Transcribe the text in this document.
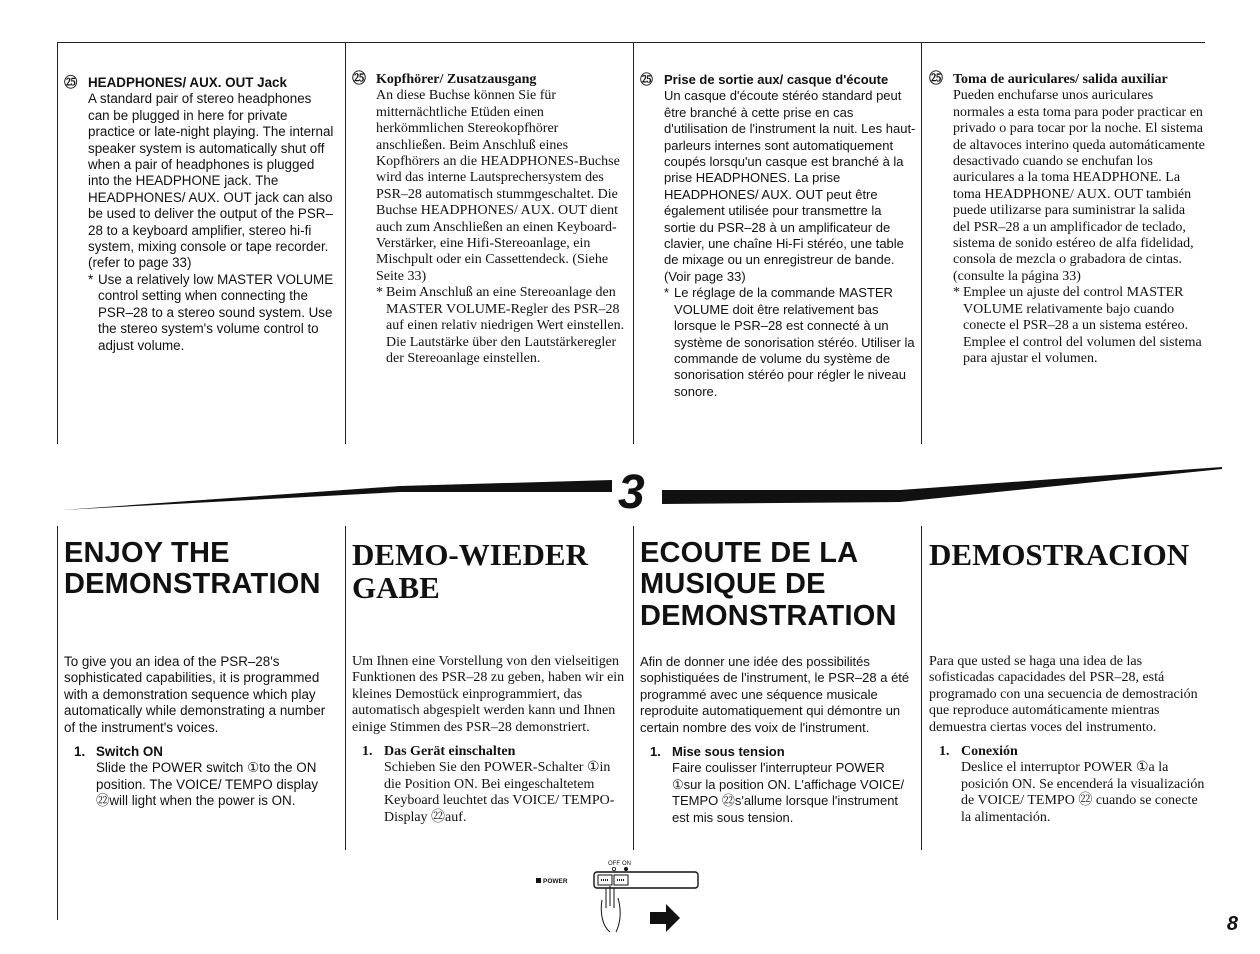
㉕ HEADPHONES/ AUX. OUT Jack

A standard pair of stereo headphones can be plugged in here for private practice or late-night playing. The internal speaker system is automatically shut off when a pair of headphones is plugged into the HEADPHONE jack. The HEADPHONES/ AUX. OUT jack can also be used to deliver the output of the PSR–28 to a keyboard amplifier, stereo hi-fi system, mixing console or tape recorder. (refer to page 33)

* Use a relatively low MASTER VOLUME control setting when connecting the PSR–28 to a stereo sound system. Use the stereo system's volume control to adjust volume.
㉕ Kopfhörer/ Zusatzausgang

An diese Buchse können Sie für mitternächtliche Etüden einen herkömmlichen Stereokopfhörer anschließen. Beim Anschluß eines Kopfhörers an die HEADPHONES-Buchse wird das interne Lautsprechersystem des PSR–28 automatisch stummgeschaltet. Die Buchse HEADPHONES/ AUX. OUT dient auch zum Anschließen an einen Keyboard-Verstärker, eine Hifi-Stereoanlage, ein Mischpult oder ein Cassettendeck. (Siehe Seite 33)

* Beim Anschluß an eine Stereoanlage den MASTER VOLUME-Regler des PSR–28 auf einen relativ niedrigen Wert einstellen. Die Lautstärke über den Lautstärkeregler der Stereoanlage einstellen.
㉕ Prise de sortie aux/ casque d'écoute

Un casque d'écoute stéréo standard peut être branché à cette prise en cas d'utilisation de l'instrument la nuit. Les haut-parleurs internes sont automatiquement coupés lorsqu'un casque est branché à la prise HEADPHONES. La prise HEADPHONES/ AUX. OUT peut être également utilisée pour transmettre la sortie du PSR–28 à un amplificateur de clavier, une chaîne Hi-Fi stéréo, une table de mixage ou un enregistreur de bande. (Voir page 33)

* Le réglage de la commande MASTER VOLUME doit être relativement bas lorsque le PSR–28 est connecté à un système de sonorisation stéréo. Utiliser la commande de volume du système de sonorisation stéréo pour régler le niveau sonore.
㉕ Toma de auriculares/ salida auxiliar

Pueden enchufarse unos auriculares normales a esta toma para poder practicar en privado o para tocar por la noche. El sistema de altavoces interino queda automáticamente desactivado cuando se enchufan los auriculares a la toma HEADPHONE. La toma HEADPHONE/ AUX. OUT también puede utilizarse para suministrar la salida del PSR–28 a un amplificador de teclado, sistema de sonido estéreo de alfa fidelidad, consola de mezcla o grabadora de cintas. (consulte la página 33)

* Emplee un ajuste del control MASTER VOLUME relativamente bajo cuando conecte el PSR–28 a un sistema estéreo. Emplee el control del volumen del sistema para ajustar el volumen.
3
ENJOY THE DEMONSTRATION
DEMO-WIEDERGABE
ECOUTE DE LA MUSIQUE DE DEMONSTRATION
DEMOSTRACION

To give you an idea of the PSR–28's sophisticated capabilities, it is programmed with a demonstration sequence which play automatically while demonstrating a number of the instrument's voices.

1. Switch ON

Slide the POWER switch ①to the ON position. The VOICE/ TEMPO display ㉒will light when the power is ON.

Um Ihnen eine Vorstellung von den vielseitigen Funktionen des PSR–28 zu geben, haben wir ein kleines Demostück einprogrammiert, das automatisch abgespielt werden kann und Ihnen einige Stimmen des PSR–28 demonstriert.

1. Das Gerät einschalten

Schieben Sie den POWER-Schalter ①in die Position ON. Bei eingeschaltetem Keyboard leuchtet das VOICE/ TEMPO-Display ㉒auf.

Afin de donner une idée des possibilités sophistiquées de l'instrument, le PSR–28 a été programmé avec une séquence musicale reproduite automatiquement qui démontre un certain nombre des voix de l'instrument.

1. Mise sous tension

Faire coulisser l'interrupteur POWER ①sur la position ON. L'affichage VOICE/ TEMPO ㉒s'allume lorsque l'instrument est mis sous tension.

Para que usted se haga una idea de las sofisticadas capacidades del PSR–28, está programado con una secuencia de demostración que reproduce automáticamente mientras demuestra ciertas voces del instrumento.

1. Conexión

Deslice el interruptor POWER ①a la posición ON. Se encenderá la visualización de VOICE/ TEMPO ㉒ cuando se conecte la alimentación.

OFF ON
POWER
8
